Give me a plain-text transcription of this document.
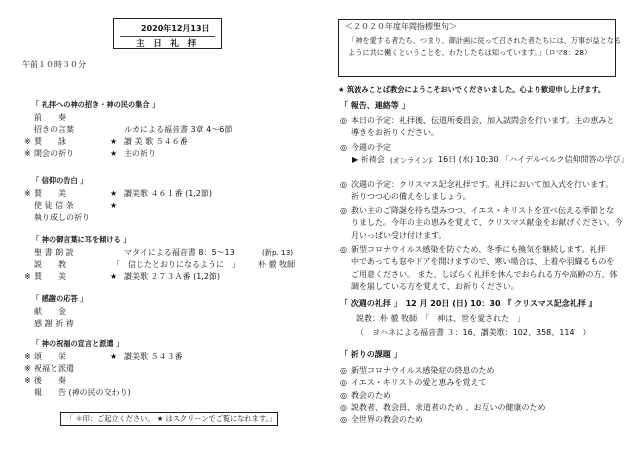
2020年12月13日
主　日　礼　拝
午前１０時３０分
「 礼拝への神の招き・神の民の集合 」
前　　奏
招きの言葉	ルカによる福音書 3章 4〜6節
※ 賛　　詠	★ 讃 美 歌 ５４６番
※ 開会の祈り	★ 主の祈り
「 信仰の告白 」
※ 賛　　美	★ 讃美歌 ４６１番 (1,2節)
使 徒 信 条	★
執り成しの祈り
「 神の御言葉に耳を傾ける 」
聖 書 朗 読	マタイによる福音書 8：5〜13	(新p. 13)
説　　教	「　信じたとおりになるように　」 朴 徹 牧師
※ 賛　　美	★ 讃美歌 ２７３Ａ番 (1,2節)
「 感謝の応答 」
献　　金
感 謝 祈 祷
「 神の祝福の宣言と派遣 」
※ 頌　　栄	★ 讃美歌 ５４３番
※ 祝福と派遣
※ 後　　奏
報　　告 (神の民の交わり)
「 ＊印：ご起立ください。 ★ はスクリーンでご覧になれます。」
＜２０２０年度年間指標聖句＞
「神を愛する者たち、つまり、御計画に従って召された者たちには、万事が益となる
ように共に働くということを、わたしたちは知っています。」（ロマ8：28）
★ 筑波みことば教会にようこそおいでくださいました。心より歓迎申し上げます。
「 報告、連絡等 」
◎ 本日の予定：礼拝後、伝道所委員会、加入試問会を行います。主の恵みと
導きをお祈りください。
◎ 今週の予定
▶ 祈祷会 (オンライン)
：16日 (水) 10:30 「ハイデルベルク信仰問答の学び」
◎ 次週の予定：クリスマス記念礼拝です。礼拝において加入式を行います。
祈りつつ心の備えをしましょう。
◎ 救い主のご降誕を待ち望みつつ、イエス・キリストを宣べ伝える季節とな
りました。今年の主の恵みを覚えて、クリスマス献金をお献げください。今
月いっぱい受け付けます。
◎ 新型コロナウイルス感染を防ぐため、冬季にも換気を継続します。礼拝
中であっても窓やドアを開けますので、寒い場合は、上着や羽織るものを
ご用意ください。 また、しばらく礼拝を休んでおられる方や高齢の方、体
調を崩している方を覚えて、お祈りください。
「 次週の礼拝 」　12 月 20日 (日) 10：30 『 クリスマス記念礼拝 』
説教：朴 徹 牧師　「　神は、世を愛された　」
（　ヨハネによる福音書 ３：16、讃美歌：102、358、114　）
「 祈りの課題 」
◎ 新型コロナウイルス感染症の終息のため
◎ イエス・キリストの愛と恵みを覚えて
◎ 教会のため
◎ 説教者、教会員、求道者のため 、お互いの健康のため
◎ 全世界の教会のため
